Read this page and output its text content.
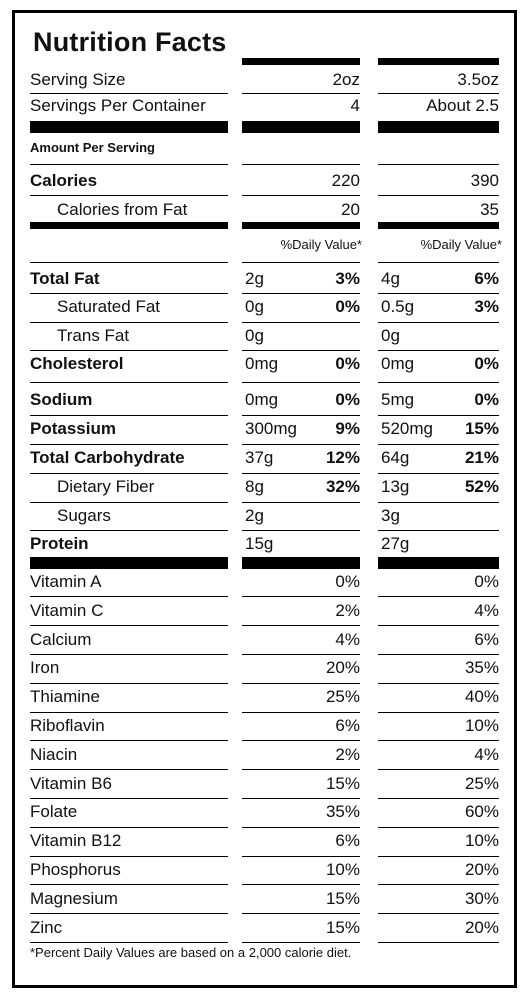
Nutrition Facts
Serving Size	2oz	3.5oz
Servings Per Container	4	About 2.5
Amount Per Serving
Calories	220	390
Calories from Fat	20	35
%Daily Value*	%Daily Value*
Total Fat	2g	3% 4g	6%
Saturated Fat	0g	0% 0.5g	3%
Trans Fat	0g	0g
Cholesterol	0mg	0% 0mg	0%
Sodium	0mg	0% 5mg	0%
Potassium	300mg 9% 520mg 15%
Total Carbohydrate	37g	12% 64g	21%
Dietary Fiber	8g	32% 13g	52%
Sugars	2g	3g
Protein	15g	27g
Vitamin A	0%	0%
Vitamin C	2%	4%
Calcium	4%	6%
Iron	20%	35%
Thiamine	25%	40%
Riboflavin	6%	10%
Niacin	2%	4%
Vitamin B6	15%	25%
Folate	35%	60%
Vitamin B12	6%	10%
Phosphorus	10%	20%
Magnesium	15%	30%
Zinc	15%	20%
*Percent Daily Values are based on a 2,000 calorie diet.
